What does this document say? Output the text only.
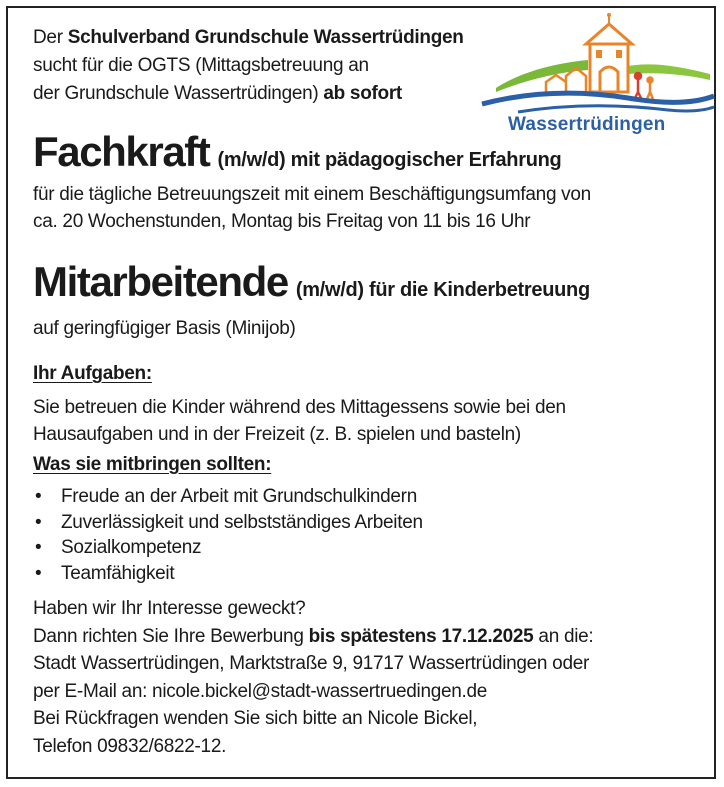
Der Schulverband Grundschule Wassertrüdingen
sucht für die OGTS (Mittagsbetreuung an
der Grundschule Wassertrüdingen) ab sofort
Wassertrüdingen
Fachkraft (m/w/d) mit pädagogischer Erfahrung
für die tägliche Betreuungszeit mit einem Beschäftigungsumfang von
ca. 20 Wochenstunden, Montag bis Freitag von 11 bis 16 Uhr
Mitarbeitende (m/w/d) für die Kinderbetreuung
auf geringfügiger Basis (Minijob)
Ihr Aufgaben:
Sie betreuen die Kinder während des Mittagessens sowie bei den
Hausaufgaben und in der Freizeit (z. B. spielen und basteln)
Was sie mitbringen sollten:
• Freude an der Arbeit mit Grundschulkindern
• Zuverlässigkeit und selbstständiges Arbeiten
• Sozialkompetenz
• Teamfähigkeit
Haben wir Ihr Interesse geweckt?
Dann richten Sie Ihre Bewerbung bis spätestens 17.12.2025 an die:
Stadt Wassertrüdingen, Marktstraße 9, 91717 Wassertrüdingen oder
per E-Mail an: nicole.bickel@stadt-wassertruedingen.de
Bei Rückfragen wenden Sie sich bitte an Nicole Bickel,
Telefon 09832/6822-12.
